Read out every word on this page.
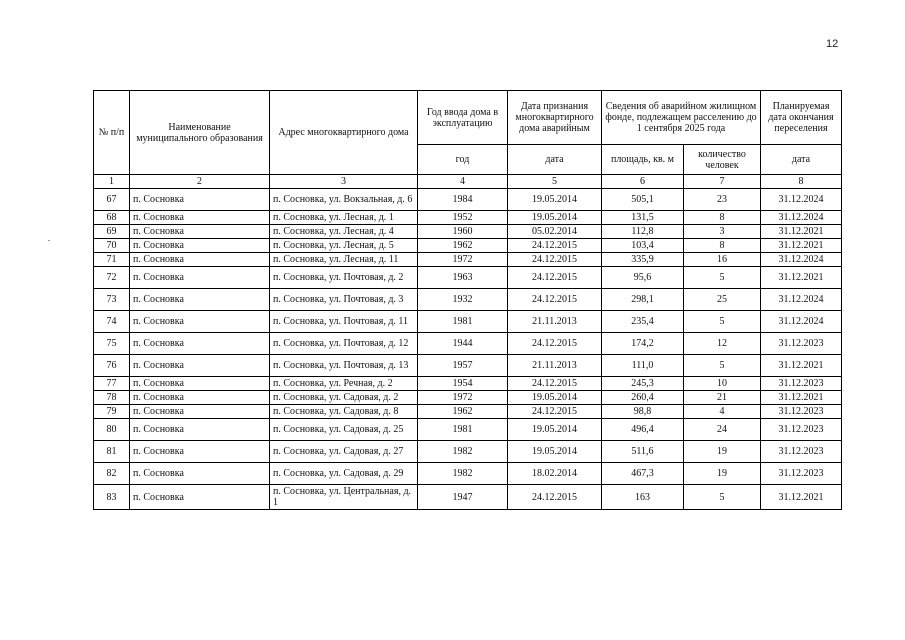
12
№ п/п	Наименование муниципального образования	Адрес многоквартирного дома	Год ввода дома в эксплуатацию	Дата признания многоквартирного дома аварийным	Сведения об аварийном жилищном фонде, подлежащем расселению до 1 сентября 2025 года		Планируемая дата окончания переселения
			год	дата	площадь, кв. м	количество человек	дата
1	2	3	4	5	6	7	8
67	п. Сосновка	п. Сосновка, ул. Вокзальная, д. 6	1984	19.05.2014	505,1	23	31.12.2024
68	п. Сосновка	п. Сосновка, ул. Лесная, д. 1	1952	19.05.2014	131,5	8	31.12.2024
69	п. Сосновка	п. Сосновка, ул. Лесная, д. 4	1960	05.02.2014	112,8	3	31.12.2021
70	п. Сосновка	п. Сосновка, ул. Лесная, д. 5	1962	24.12.2015	103,4	8	31.12.2021
71	п. Сосновка	п. Сосновка, ул. Лесная, д. 11	1972	24.12.2015	335,9	16	31.12.2024
72	п. Сосновка	п. Сосновка, ул. Почтовая, д. 2	1963	24.12.2015	95,6	5	31.12.2021
73	п. Сосновка	п. Сосновка, ул. Почтовая, д. 3	1932	24.12.2015	298,1	25	31.12.2024
74	п. Сосновка	п. Сосновка, ул. Почтовая, д. 11	1981	21.11.2013	235,4	5	31.12.2024
75	п. Сосновка	п. Сосновка, ул. Почтовая, д. 12	1944	24.12.2015	174,2	12	31.12.2023
76	п. Сосновка	п. Сосновка, ул. Почтовая, д. 13	1957	21.11.2013	111,0	5	31.12.2021
77	п. Сосновка	п. Сосновка, ул. Речная, д. 2	1954	24.12.2015	245,3	10	31.12.2023
78	п. Сосновка	п. Сосновка, ул. Садовая, д. 2	1972	19.05.2014	260,4	21	31.12.2021
79	п. Сосновка	п. Сосновка, ул. Садовая, д. 8	1962	24.12.2015	98,8	4	31.12.2023
80	п. Сосновка	п. Сосновка, ул. Садовая, д. 25	1981	19.05.2014	496,4	24	31.12.2023
81	п. Сосновка	п. Сосновка, ул. Садовая, д. 27	1982	19.05.2014	511,6	19	31.12.2023
82	п. Сосновка	п. Сосновка, ул. Садовая, д. 29	1982	18.02.2014	467,3	19	31.12.2023
83	п. Сосновка	п. Сосновка, ул. Центральная, д. 1	1947	24.12.2015	163	5	31.12.2021
